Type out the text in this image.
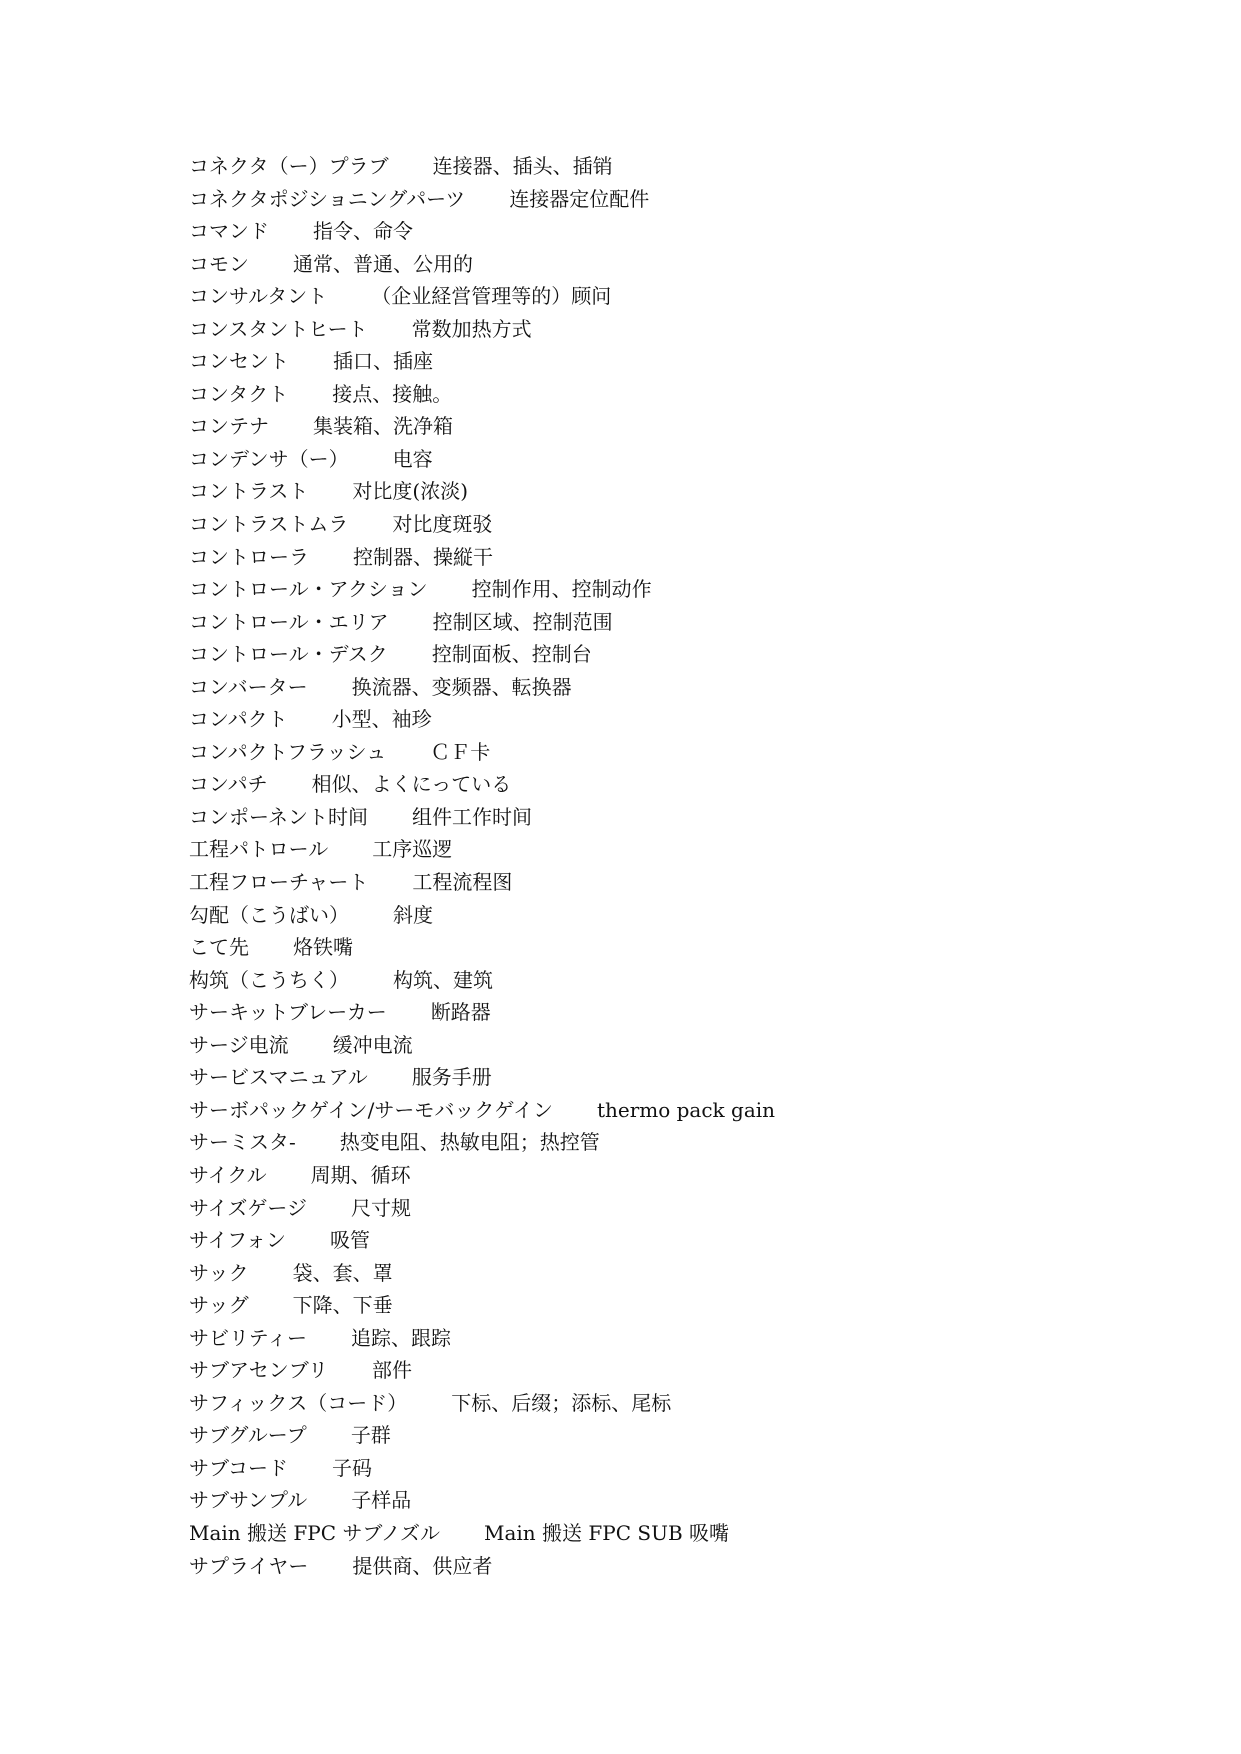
コネクタ（ー）プラブ 连接器、插头、插销
コネクタポジショニングパーツ 连接器定位配件
コマンド 指令、命令
コモン 通常、普通、公用的
コンサルタント （企业経営管理等的）顾问
コンスタントヒート 常数加热方式
コンセント 插口、插座
コンタクト 接点、接触。
コンテナ 集装箱、洗净箱
コンデンサ（ー） 电容
コントラスト 对比度(浓淡)
コントラストムラ 对比度斑驳
コントローラ 控制器、操縦干
コントロール・アクション 控制作用、控制动作
コントロール・エリア 控制区域、控制范围
コントロール・デスク 控制面板、控制台
コンバーター 换流器、变频器、転换器
コンパクト 小型、袖珍
コンパクトフラッシュ ＣＦ卡
コンパチ 相似、よくにっている
コンポーネント时间 组件工作时间
工程パトロール 工序巡逻
工程フローチャート 工程流程图
勾配（こうばい） 斜度
こて先 烙铁嘴
构筑（こうちく） 构筑、建筑
サーキットブレーカー 断路器
サージ电流 缓冲电流
サービスマニュアル 服务手册
サーボパックゲイン/サーモバックゲイン thermo pack gain
サーミスタ- 热变电阻、热敏电阻；热控管
サイクル 周期、循环
サイズゲージ 尺寸规
サイフォン 吸管
サック 袋、套、罩
サッグ 下降、下垂
サビリティー 追踪、跟踪
サブアセンブリ 部件
サフィックス（コード） 下标、后缀；添标、尾标
サブグループ 子群
サブコード 子码
サブサンプル 子样品
Main 搬送 FPC サブノズル Main 搬送 FPC SUB 吸嘴
サプライヤー 提供商、供应者
